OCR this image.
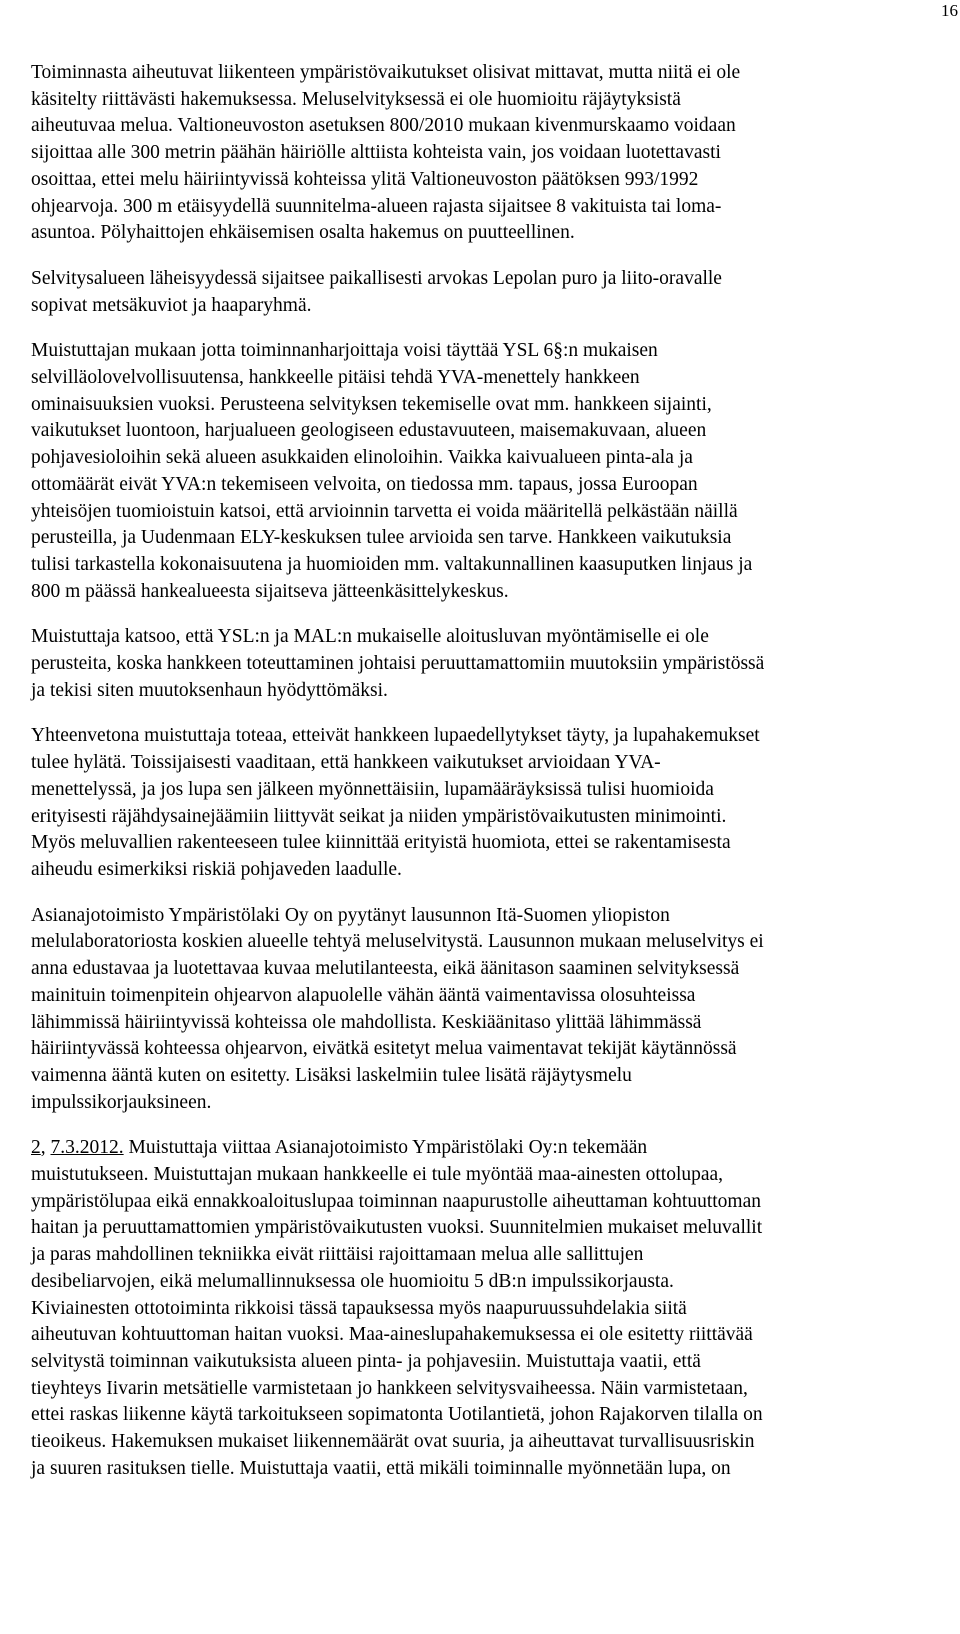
16

Toiminnasta aiheutuvat liikenteen ympäristövaikutukset olisivat mittavat, mutta niitä ei ole
käsitelty riittävästi hakemuksessa. Meluselvityksessä ei ole huomioitu räjäytyksistä
aiheutuvaa melua. Valtioneuvoston asetuksen 800/2010 mukaan kivenmurskaamo voidaan
sijoittaa alle 300 metrin päähän häiriölle alttiista kohteista vain, jos voidaan luotettavasti
osoittaa, ettei melu häiriintyvissä kohteissa ylitä Valtioneuvoston päätöksen 993/1992
ohjearvoja. 300 m etäisyydellä suunnitelma-alueen rajasta sijaitsee 8 vakituista tai loma-
asuntoa. Pölyhaittojen ehkäisemisen osalta hakemus on puutteellinen.

Selvitysalueen läheisyydessä sijaitsee paikallisesti arvokas Lepolan puro ja liito-oravalle
sopivat metsäkuviot ja haaparyhmä.

Muistuttajan mukaan jotta toiminnanharjoittaja voisi täyttää YSL 6§:n mukaisen
selvilläolovelvollisuutensa, hankkeelle pitäisi tehdä YVA-menettely hankkeen
ominaisuuksien vuoksi. Perusteena selvityksen tekemiselle ovat mm. hankkeen sijainti,
vaikutukset luontoon, harjualueen geologiseen edustavuuteen, maisemakuvaan, alueen
pohjavesioloihin sekä alueen asukkaiden elinoloihin. Vaikka kaivualueen pinta-ala ja
ottomäärät eivät YVA:n tekemiseen velvoita, on tiedossa mm. tapaus, jossa Euroopan
yhteisöjen tuomioistuin katsoi, että arvioinnin tarvetta ei voida määritellä pelkästään näillä
perusteilla, ja Uudenmaan ELY-keskuksen tulee arvioida sen tarve. Hankkeen vaikutuksia
tulisi tarkastella kokonaisuutena ja huomioiden mm. valtakunnallinen kaasuputken linjaus ja
800 m päässä hankealueesta sijaitseva jätteenkäsittelykeskus.

Muistuttaja katsoo, että YSL:n ja MAL:n mukaiselle aloitusluvan myöntämiselle ei ole
perusteita, koska hankkeen toteuttaminen johtaisi peruuttamattomiin muutoksiin ympäristössä
ja tekisi siten muutoksenhaun hyödyttömäksi.

Yhteenvetona muistuttaja toteaa, etteivät hankkeen lupaedellytykset täyty, ja lupahakemukset
tulee hylätä. Toissijaisesti vaaditaan, että hankkeen vaikutukset arvioidaan YVA-
menettelyssä, ja jos lupa sen jälkeen myönnettäisiin, lupamääräyksissä tulisi huomioida
erityisesti räjähdysainejäämiin liittyvät seikat ja niiden ympäristövaikutusten minimointi.
Myös meluvallien rakenteeseen tulee kiinnittää erityistä huomiota, ettei se rakentamisesta
aiheudu esimerkiksi riskiä pohjaveden laadulle.

Asianajotoimisto Ympäristölaki Oy on pyytänyt lausunnon Itä-Suomen yliopiston
melulaboratoriosta koskien alueelle tehtyä meluselvitystä. Lausunnon mukaan meluselvitys ei
anna edustavaa ja luotettavaa kuvaa melutilanteesta, eikä äänitason saaminen selvityksessä
mainituin toimenpitein ohjearvon alapuolelle vähän ääntä vaimentavissa olosuhteissa
lähimmissä häiriintyvissä kohteissa ole mahdollista. Keskiäänitaso ylittää lähimmässä
häiriintyvässä kohteessa ohjearvon, eivätkä esitetyt melua vaimentavat tekijät käytännössä
vaimenna ääntä kuten on esitetty. Lisäksi laskelmiin tulee lisätä räjäytysmelu
impulssikorjauksineen.

2, 7.3.2012. Muistuttaja viittaa Asianajotoimisto Ympäristölaki Oy:n tekemään
muistutukseen. Muistuttajan mukaan hankkeelle ei tule myöntää maa-ainesten ottolupaa,
ympäristölupaa eikä ennakkoaloituslupaa toiminnan naapurustolle aiheuttaman kohtuuttoman
haitan ja peruuttamattomien ympäristövaikutusten vuoksi. Suunnitelmien mukaiset meluvallit
ja paras mahdollinen tekniikka eivät riittäisi rajoittamaan melua alle sallittujen
desibeliarvojen, eikä melumallinnuksessa ole huomioitu 5 dB:n impulssikorjausta.
Kiviainesten ottotoiminta rikkoisi tässä tapauksessa myös naapuruussuhdelakia siitä
aiheutuvan kohtuuttoman haitan vuoksi. Maa-aineslupahakemuksessa ei ole esitetty riittävää
selvitystä toiminnan vaikutuksista alueen pinta- ja pohjavesiin. Muistuttaja vaatii, että
tieyhteys Iivarin metsätielle varmistetaan jo hankkeen selvitysvaiheessa. Näin varmistetaan,
ettei raskas liikenne käytä tarkoitukseen sopimatonta Uotilantietä, johon Rajakorven tilalla on
tieoikeus. Hakemuksen mukaiset liikennemäärät ovat suuria, ja aiheuttavat turvallisuusriskin
ja suuren rasituksen tielle. Muistuttaja vaatii, että mikäli toiminnalle myönnetään lupa, on
